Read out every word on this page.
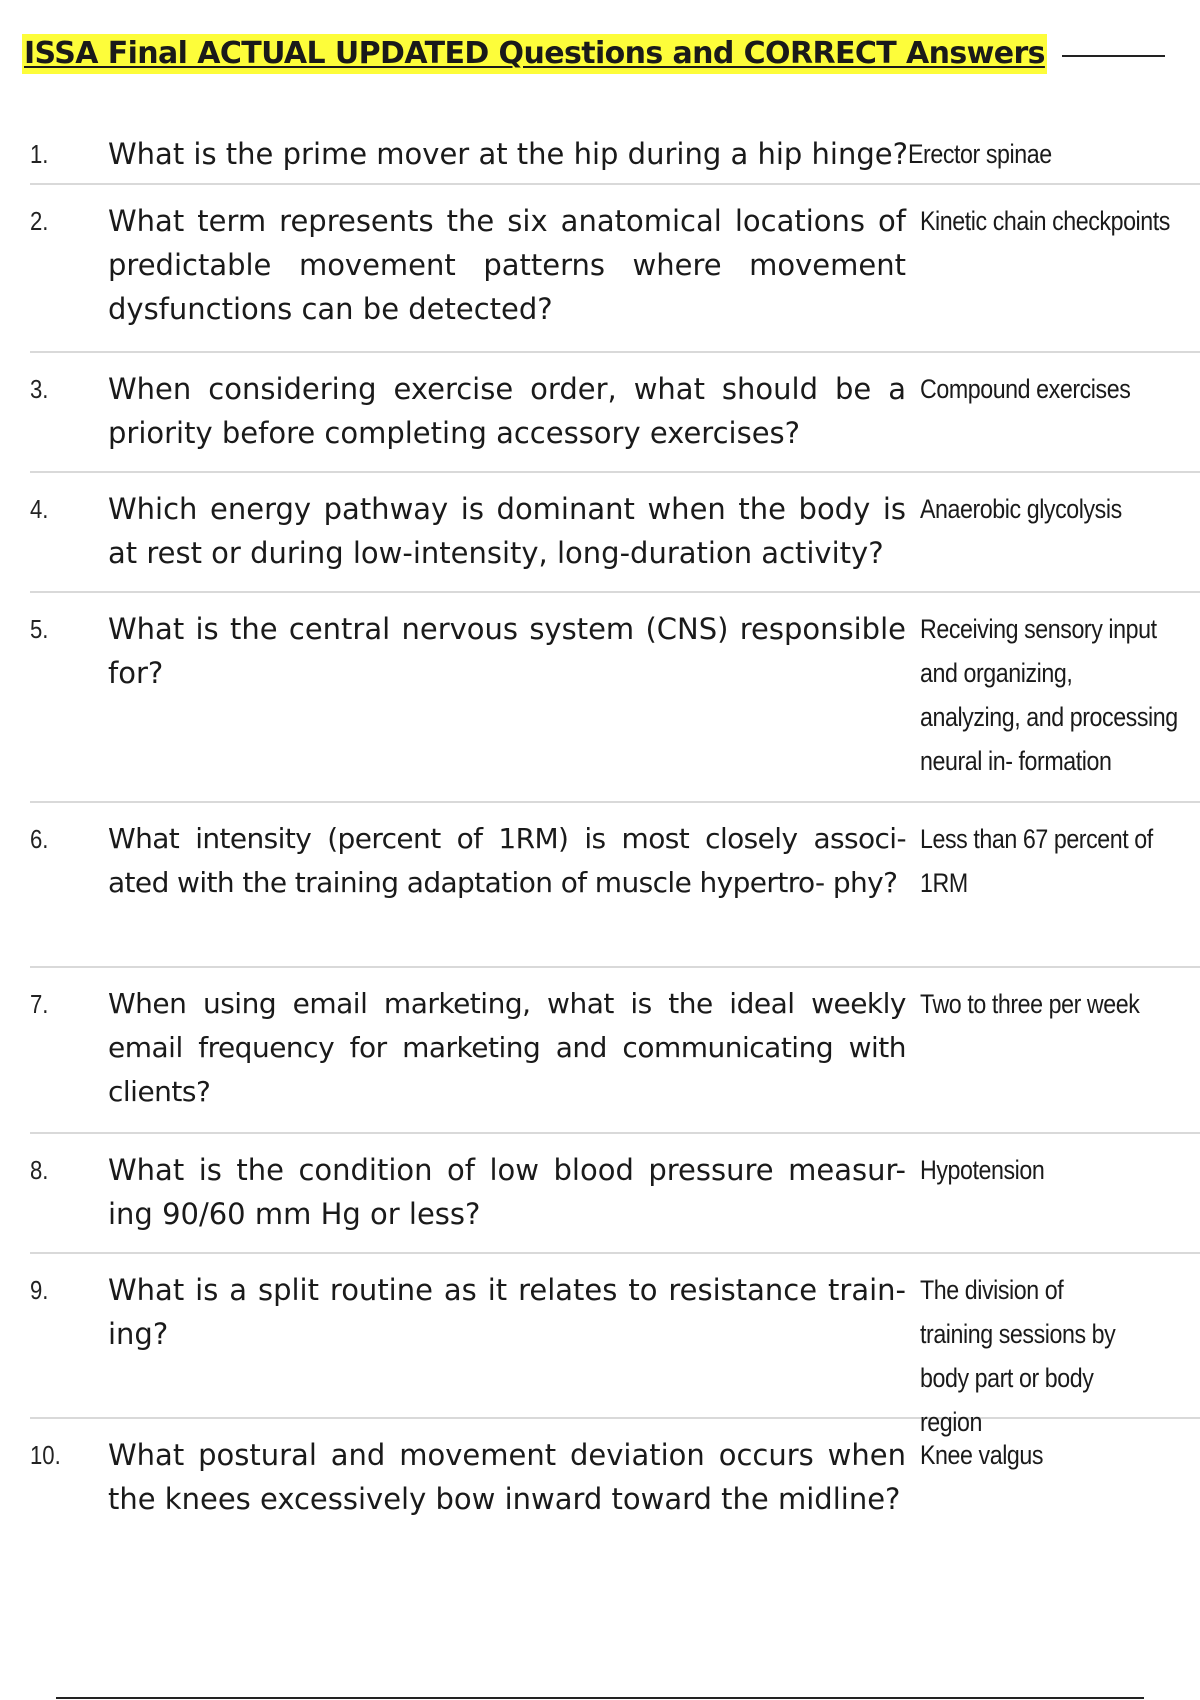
ISSA Final ACTUAL UPDATED Questions and CORRECT Answers
1.	What is the prime mover at the hip during a hip hinge? Erector spinae
2.	What term represents the six anatomical locations of predictable movement patterns where movement dysfunctions can be detected?
Kinetic chain checkpoints
3.	When considering exercise order, what should be a priority before completing accessory exercises?
Compound exercises
4.	Which energy pathway is dominant when the body is at rest or during low-intensity, long-duration activity?
Anaerobic glycolysis
5.	What is the central nervous system (CNS) responsible for?
Receiving sensory input and organizing, analyzing, and processing neural in- formation
6.	What intensity (percent of 1RM) is most closely associ- ated with the training adaptation of muscle hypertro- phy?
Less than 67 percent of 1RM
7.	When using email marketing, what is the ideal weekly email frequency for marketing and communicating with clients?
Two to three per week
8.	What is the condition of low blood pressure measur- ing 90/60 mm Hg or less?
Hypotension
9.	What is a split routine as it relates to resistance train- ing?
The division of training sessions by body part or body region
10.	What postural and movement deviation occurs when the knees excessively bow inward toward the midline?
Knee valgus
